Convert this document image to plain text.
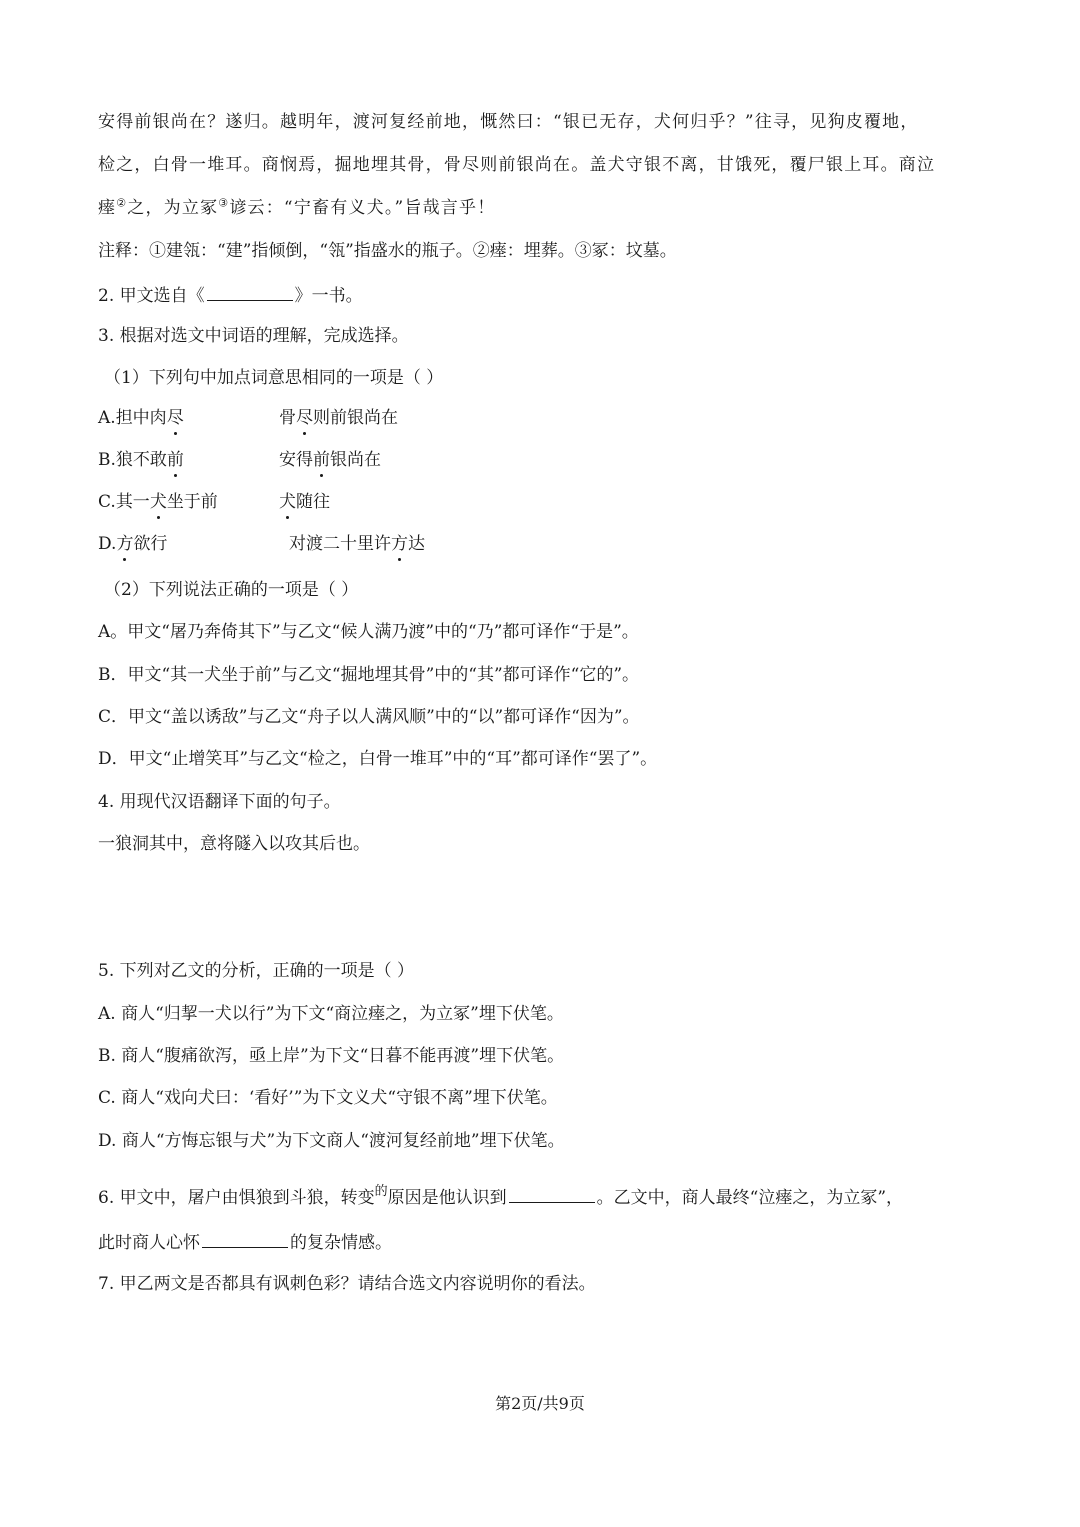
安得前银尚在？遂归。越明年，渡河复经前地，慨然曰：“银已无存，犬何归乎？”往寻，见狗皮覆地，
检之，白骨一堆耳。商悯焉，掘地埋其骨，骨尽则前银尚在。盖犬守银不离，甘饿死，覆尸银上耳。商泣
瘗②之，为立冢③谚云：“宁畜有义犬。”旨哉言乎！
注释：①建瓴：“建”指倾倒，“瓴”指盛水的瓶子。②瘗：埋葬。③冢：坟墓。
2. 甲文选自《	》一书。
3. 根据对选文中词语的理解，完成选择。
（1）下列句中加点词意思相同的一项是（ ）
A.担中肉尽	骨尽则前银尚在
B.狼不敢前	安得前银尚在
C.其一犬坐于前	犬随往
D.方欲行	对渡二十里许方达
（2）下列说法正确的一项是（ ）
A。甲文“屠乃奔倚其下”与乙文“候人满乃渡”中的“乃”都可译作“于是”。
B．甲文“其一犬坐于前”与乙文“掘地埋其骨”中的“其”都可译作“它的”。
C．甲文“盖以诱敌”与乙文“舟子以人满风顺”中的“以”都可译作“因为”。
D．甲文“止增笑耳”与乙文“检之，白骨一堆耳”中的“耳”都可译作“罢了”。
4. 用现代汉语翻译下面的句子。
一狼洞其中，意将隧入以攻其后也。
5. 下列对乙文的分析，正确的一项是（ ）
A. 商人“归挈一犬以行”为下文“商泣瘗之，为立冢”埋下伏笔。
B. 商人“腹痛欲泻，亟上岸”为下文“日暮不能再渡”埋下伏笔。
C. 商人“戏向犬曰：‘看好’”为下文义犬“守银不离”埋下伏笔。
D. 商人“方悔忘银与犬”为下文商人“渡河复经前地”埋下伏笔。
6. 甲文中，屠户由惧狼到斗狼，转变$^的$原因是他认识到	。乙文中，商人最终“泣瘗之，为立冢”，
此时商人心怀	的复杂情感。
7. 甲乙两文是否都具有讽刺色彩？请结合选文内容说明你的看法。
第2页/共9页
